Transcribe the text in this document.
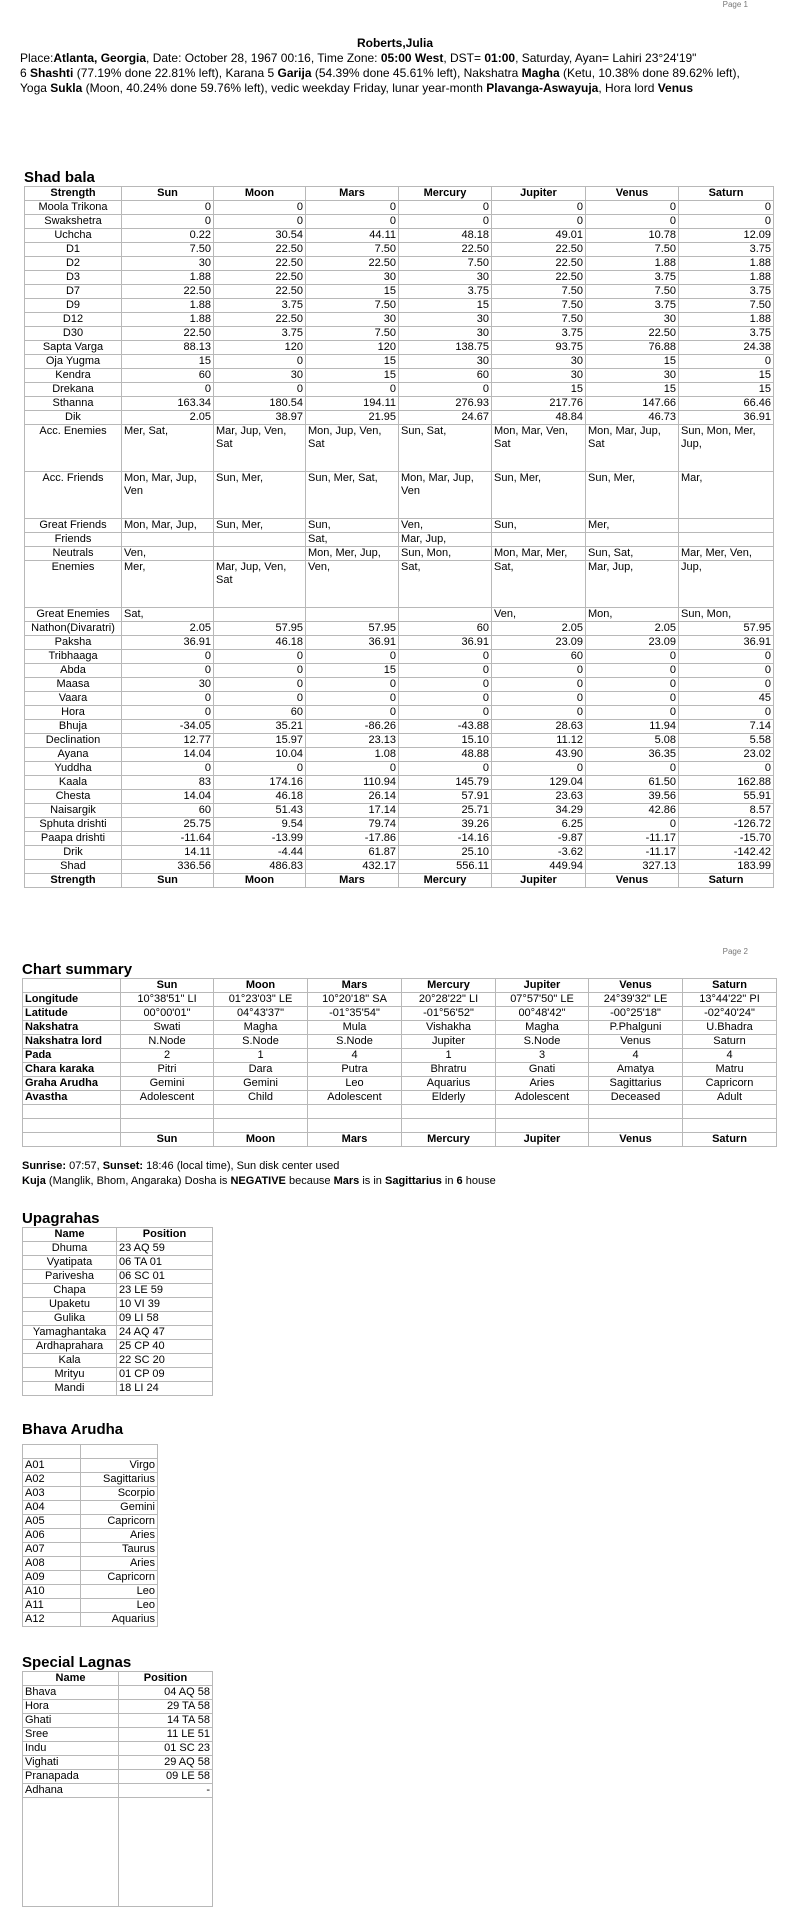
Page 1
Roberts,Julia
Place:Atlanta, Georgia, Date: October 28, 1967 00:16, Time Zone: 05:00 West, DST= 01:00, Saturday, Ayan= Lahiri 23°24'19"
6 Shashti (77.19% done 22.81% left), Karana 5 Garija (54.39% done 45.61% left), Nakshatra Magha (Ketu, 10.38% done 89.62% left),
Yoga Sukla (Moon, 40.24% done 59.76% left), vedic weekday Friday, lunar year-month Plavanga-Aswayuja, Hora lord Venus
Shad bala
Strength	Sun	Moon	Mars	Mercury	Jupiter	Venus	Saturn
Moola Trikona	0	0	0	0	0	0	0
Swakshetra	0	0	0	0	0	0	0
Uchcha	0.22	30.54	44.11	48.18	49.01	10.78	12.09
D1	7.50	22.50	7.50	22.50	22.50	7.50	3.75
D2	30	22.50	22.50	7.50	22.50	1.88	1.88
D3	1.88	22.50	30	30	22.50	3.75	1.88
D7	22.50	22.50	15	3.75	7.50	7.50	3.75
D9	1.88	3.75	7.50	15	7.50	3.75	7.50
D12	1.88	22.50	30	30	7.50	30	1.88
D30	22.50	3.75	7.50	30	3.75	22.50	3.75
Sapta Varga	88.13	120	120	138.75	93.75	76.88	24.38
Oja Yugma	15	0	15	30	30	15	0
Kendra	60	30	15	60	30	30	15
Drekana	0	0	0	0	15	15	15
Sthanna	163.34	180.54	194.11	276.93	217.76	147.66	66.46
Dik	2.05	38.97	21.95	24.67	48.84	46.73	36.91
Acc. Enemies	Mer, Sat,	Mar, Jup, Ven, Sat	Mon, Jup, Ven, Sat	Sun, Sat,	Mon, Mar, Ven, Sat	Mon, Mar, Jup, Sat	Sun, Mon, Mer, Jup,
Acc. Friends	Mon, Mar, Jup, Ven	Sun, Mer,	Sun, Mer, Sat,	Mon, Mar, Jup, Ven	Sun, Mer,	Sun, Mer,	Mar,
Great Friends	Mon, Mar, Jup,	Sun, Mer,	Sun,	Ven,	Sun,	Mer,	
Friends			Sat,	Mar, Jup,			
Neutrals	Ven,		Mon, Mer, Jup,	Sun, Mon,	Mon, Mar, Mer,	Sun, Sat,	Mar, Mer, Ven,
Enemies	Mer,	Mar, Jup, Ven, Sat	Ven,	Sat,	Sat,	Mar, Jup,	Jup,
Great Enemies	Sat,				Ven,	Mon,	Sun, Mon,
Nathon(Divaratri)	2.05	57.95	57.95	60	2.05	2.05	57.95
Paksha	36.91	46.18	36.91	36.91	23.09	23.09	36.91
Tribhaaga	0	0	0	0	60	0	0
Abda	0	0	15	0	0	0	0
Maasa	30	0	0	0	0	0	0
Vaara	0	0	0	0	0	0	45
Hora	0	60	0	0	0	0	0
Bhuja	-34.05	35.21	-86.26	-43.88	28.63	11.94	7.14
Declination	12.77	15.97	23.13	15.10	11.12	5.08	5.58
Ayana	14.04	10.04	1.08	48.88	43.90	36.35	23.02
Yuddha	0	0	0	0	0	0	0
Kaala	83	174.16	110.94	145.79	129.04	61.50	162.88
Chesta	14.04	46.18	26.14	57.91	23.63	39.56	55.91
Naisargik	60	51.43	17.14	25.71	34.29	42.86	8.57
Sphuta drishti	25.75	9.54	79.74	39.26	6.25	0	-126.72
Paapa drishti	-11.64	-13.99	-17.86	-14.16	-9.87	-11.17	-15.70
Drik	14.11	-4.44	61.87	25.10	-3.62	-11.17	-142.42
Shad	336.56	486.83	432.17	556.11	449.94	327.13	183.99
Strength	Sun	Moon	Mars	Mercury	Jupiter	Venus	Saturn
Page 2
Chart summary
	Sun	Moon	Mars	Mercury	Jupiter	Venus	Saturn
Longitude	10°38'51" LI	01°23'03" LE	10°20'18" SA	20°28'22" LI	07°57'50" LE	24°39'32" LE	13°44'22" PI
Latitude	00°00'01"	04°43'37"	-01°35'54"	-01°56'52"	00°48'42"	-00°25'18"	-02°40'24"
Nakshatra	Swati	Magha	Mula	Vishakha	Magha	P.Phalguni	U.Bhadra
Nakshatra lord	N.Node	S.Node	S.Node	Jupiter	S.Node	Venus	Saturn
Pada	2	1	4	1	3	4	4
Chara karaka	Pitri	Dara	Putra	Bhratru	Gnati	Amatya	Matru
Graha Arudha	Gemini	Gemini	Leo	Aquarius	Aries	Sagittarius	Capricorn
Avastha	Adolescent	Child	Adolescent	Elderly	Adolescent	Deceased	Adult

	Sun	Moon	Mars	Mercury	Jupiter	Venus	Saturn
Sunrise: 07:57, Sunset: 18:46 (local time), Sun disk center used
Kuja (Manglik, Bhom, Angaraka) Dosha is NEGATIVE because Mars is in Sagittarius in 6 house
Upagrahas
Name	Position
Dhuma	23 AQ 59
Vyatipata	06 TA 01
Parivesha	06 SC 01
Chapa	23 LE 59
Upaketu	10 VI 39
Gulika	09 LI 58
Yamaghantaka	24 AQ 47
Ardhaprahara	25 CP 40
Kala	22 SC 20
Mrityu	01 CP 09
Mandi	18 LI 24
Bhava Arudha

A01	Virgo
A02	Sagittarius
A03	Scorpio
A04	Gemini
A05	Capricorn
A06	Aries
A07	Taurus
A08	Aries
A09	Capricorn
A10	Leo
A11	Leo
A12	Aquarius
Special Lagnas
Name	Position
Bhava	04 AQ 58
Hora	29 TA 58
Ghati	14 TA 58
Sree	11 LE 51
Indu	01 SC 23
Vighati	29 AQ 58
Pranapada	09 LE 58
Adhana	-
